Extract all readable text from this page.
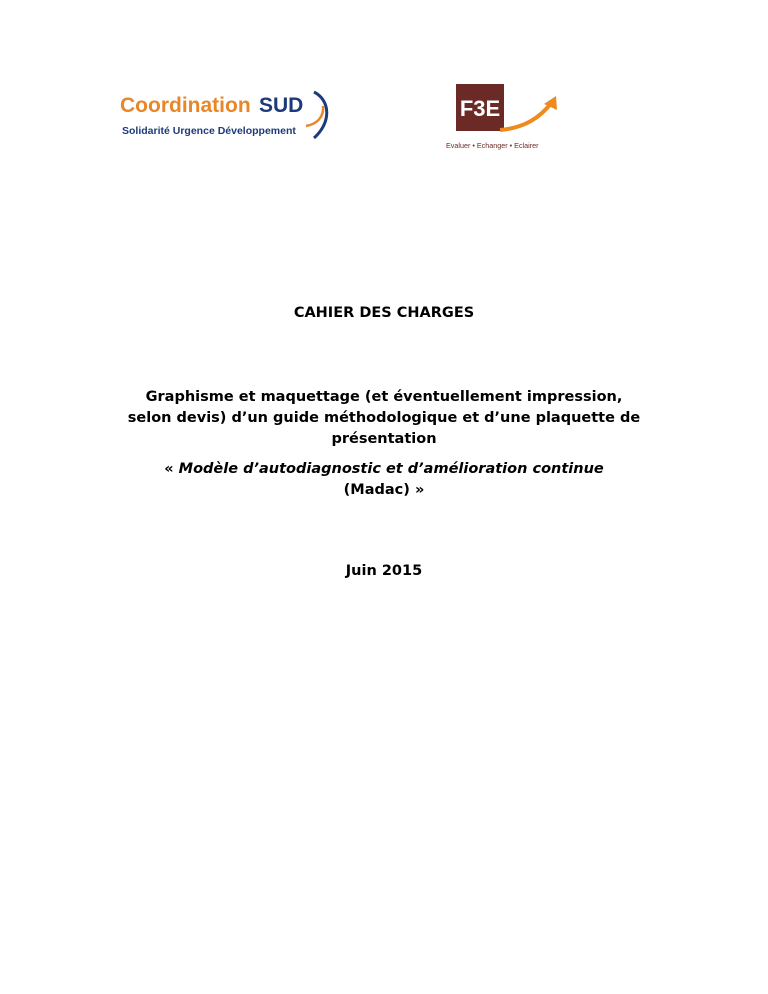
Coordination SUD
Solidarité Urgence Développement
F3E
Evaluer • Echanger • Eclairer
CAHIER DES CHARGES
Graphisme et maquettage (et éventuellement impression,
selon devis) d’un guide méthodologique et d’une plaquette de
présentation
« Modèle d’autodiagnostic et d’amélioration continue
(Madac) »
Juin 2015
